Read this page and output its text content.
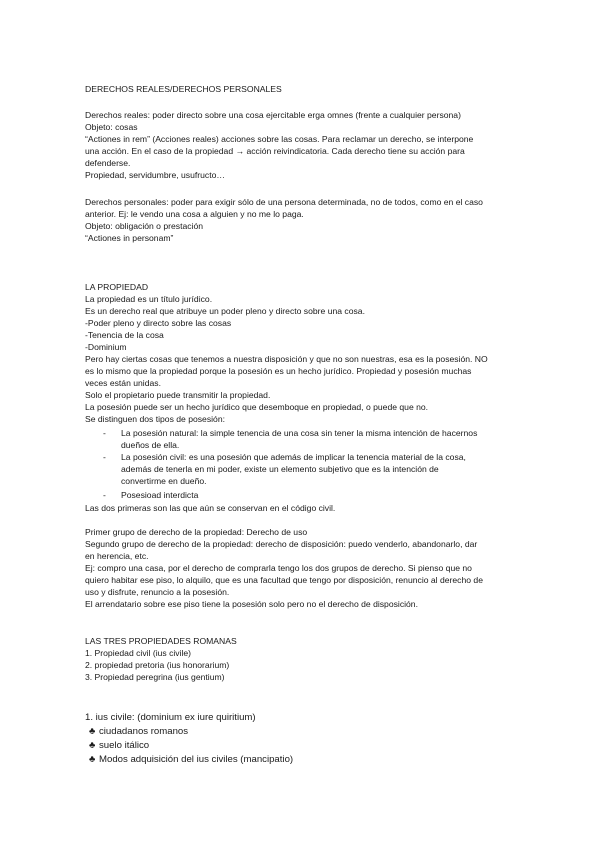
DERECHOS REALES/DERECHOS PERSONALES
Derechos reales: poder directo sobre una cosa ejercitable erga omnes (frente a cualquier persona)
Objeto: cosas
“Actiones in rem” (Acciones reales) acciones sobre las cosas. Para reclamar un derecho, se interpone
una acción. En el caso de la propiedad → acción reivindicatoria. Cada derecho tiene su acción para
defenderse.
Propiedad, servidumbre, usufructo…
Derechos personales: poder para exigir sólo de una persona determinada, no de todos, como en el caso
anterior. Ej: le vendo una cosa a alguien y no me lo paga.
Objeto: obligación o prestación
“Actiones in personam”
LA PROPIEDAD
La propiedad es un título jurídico.
Es un derecho real que atribuye un poder pleno y directo sobre una cosa.
-Poder pleno y directo sobre las cosas
-Tenencia de la cosa
-Dominium
Pero hay ciertas cosas que tenemos a nuestra disposición y que no son nuestras, esa es la posesión. NO
es lo mismo que la propiedad porque la posesión es un hecho jurídico. Propiedad y posesión muchas
veces están unidas.
Solo el propietario puede transmitir la propiedad.
La posesión puede ser un hecho jurídico que desemboque en propiedad, o puede que no.
Se distinguen dos tipos de posesión:
- La posesión natural: la simple tenencia de una cosa sin tener la misma intención de hacernos
dueños de ella.
- La posesión civil: es una posesión que además de implicar la tenencia material de la cosa,
además de tenerla en mi poder, existe un elemento subjetivo que es la intención de
convertirme en dueño.
- Posesioad interdicta
Las dos primeras son las que aún se conservan en el código civil.
Primer grupo de derecho de la propiedad: Derecho de uso
Segundo grupo de derecho de la propiedad: derecho de disposición: puedo venderlo, abandonarlo, dar
en herencia, etc.
Ej: compro una casa, por el derecho de comprarla tengo los dos grupos de derecho. Si pienso que no
quiero habitar ese piso, lo alquilo, que es una facultad que tengo por disposición, renuncio al derecho de
uso y disfrute, renuncio a la posesión.
El arrendatario sobre ese piso tiene la posesión solo pero no el derecho de disposición.
LAS TRES PROPIEDADES ROMANAS
1. Propiedad civil (ius civile)
2. propiedad pretoria (ius honorarium)
3. Propiedad peregrina (ius gentium)
1. ius civile: (dominium ex iure quiritium)
♣ ciudadanos romanos
♣ suelo itálico
♣ Modos adquisición del ius civiles (mancipatio)
